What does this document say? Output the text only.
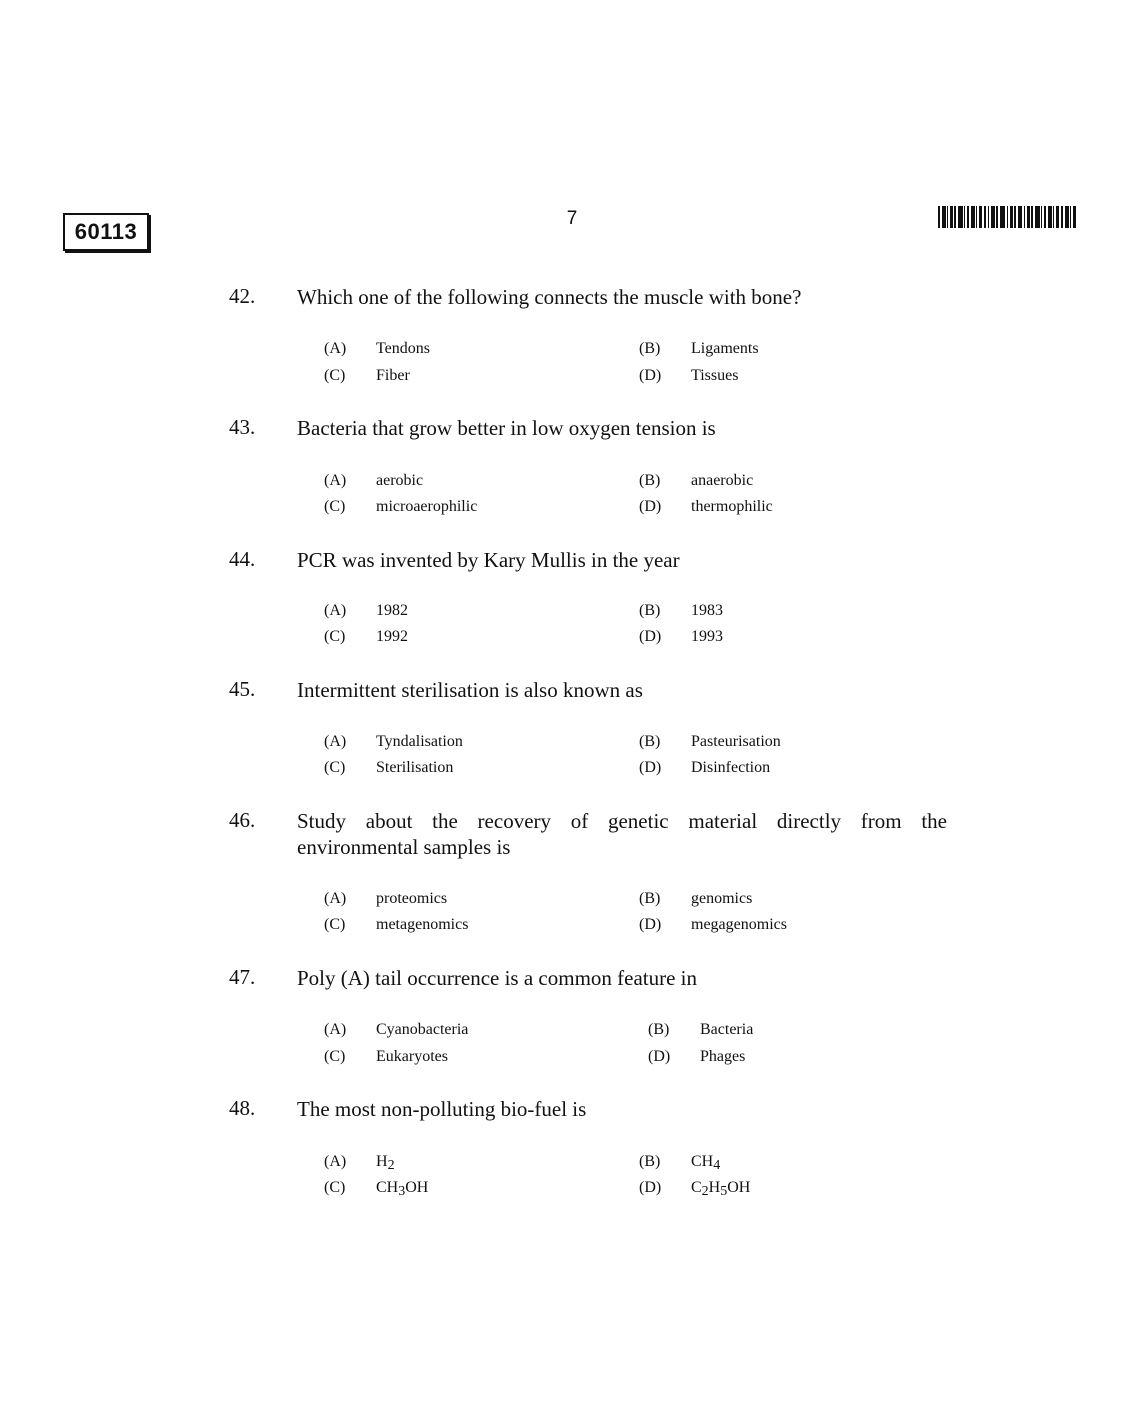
60113
7
42.	Which one of the following connects the muscle with bone?
(A) Tendons	(B) Ligaments
(C) Fiber	(D) Tissues
43.	Bacteria that grow better in low oxygen tension is
(A) aerobic	(B) anaerobic
(C) microaerophilic	(D) thermophilic
44.	PCR was invented by Kary Mullis in the year
(A) 1982	(B) 1983
(C) 1992	(D) 1993
45.	Intermittent sterilisation is also known as
(A) Tyndalisation	(B) Pasteurisation
(C) Sterilisation	(D) Disinfection
46.	Study about the recovery of genetic material directly from the
environmental samples is
(A) proteomics	(B) genomics
(C) metagenomics	(D) megagenomics
47.	Poly (A) tail occurrence is a common feature in
(A) Cyanobacteria	(B) Bacteria
(C) Eukaryotes	(D) Phages
48.	The most non-polluting bio-fuel is
(A) $H_2$	(B) $CH_4$
(C) $CH_3OH$	(D) $C_2H_5OH$
